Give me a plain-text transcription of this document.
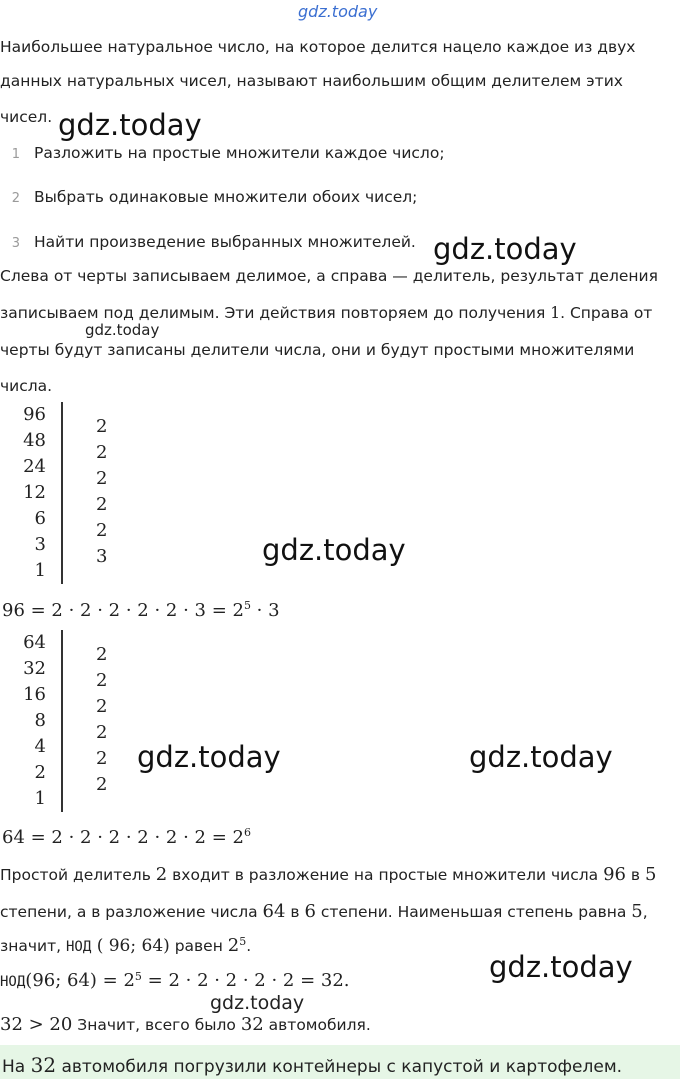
gdz.today
Наибольшее натуральное число, на которое делится нацело каждое из двух
данных натуральных чисел, называют наибольшим общим делителем этих
чисел. gdz.today
1 Разложить на простые множители каждое число;
2 Выбрать одинаковые множители обоих чисел;
3 Найти произведение выбранных множителей. gdz.today
Слева от черты записываем делимое, а справа — делитель, результат деления
записываем под делимым. Эти действия повторяем до получения 1. Справа от
gdz.today
черты будут записаны делители числа, они и будут простыми множителями
числа.
96
48
24
12
6
3
1
2
2
2
2
2
3	gdz.today
$96 = 2 \cdot 2 \cdot 2 \cdot 2 \cdot 2 \cdot 3 = 2^5 \cdot 3$
64
32
16
8
4
2
1
2
2
2
2
2
2
gdz.today	gdz.today
$64 = 2 \cdot 2 \cdot 2 \cdot 2 \cdot 2 \cdot 2 = 2^6$
Простой делитель 2 входит в разложение на простые множители числа 96 в 5
степени, а в разложение числа 64 в 6 степени. Наименьшая степень равна 5,
значит, НОД ( 96; 64) равен $2^5$.
gdz.today
НОД(96; $64) = 2^5 = 2 \cdot 2 \cdot 2 \cdot 2 \cdot 2 = 32$.
gdz.today
32 > 20 Значит, всего было 32 автомобиля.
На 32 автомобиля погрузили контейнеры с капустой и картофелем.
